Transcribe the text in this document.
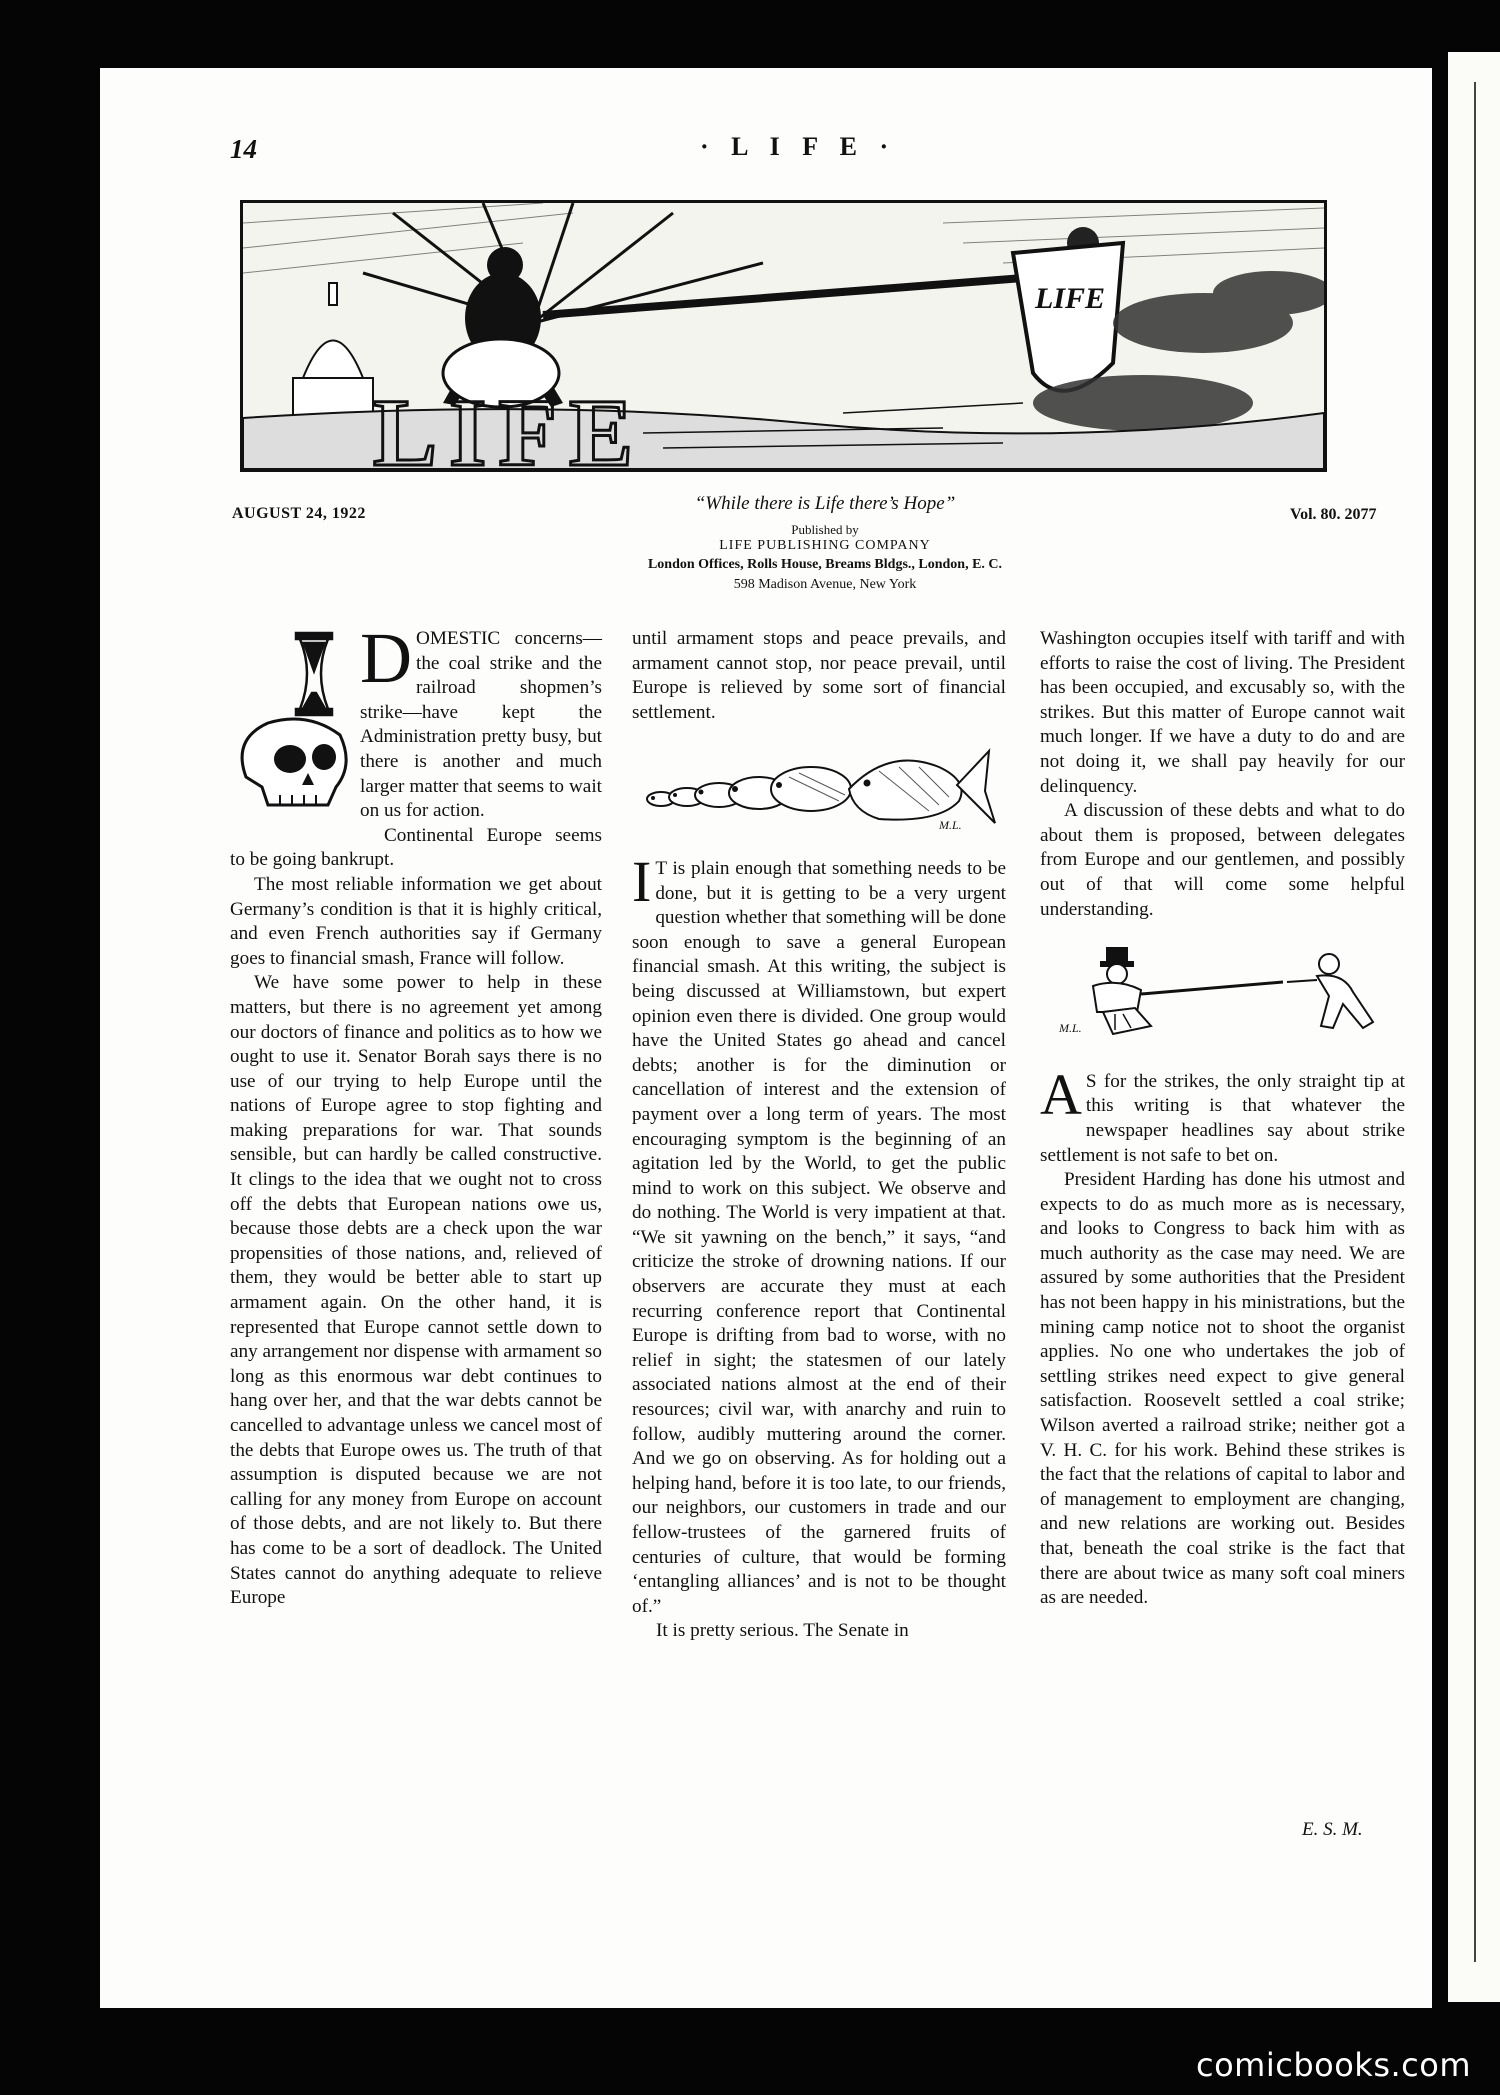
14	· L I F E ·
LIFE
LIFE
AUGUST 24, 1922	Vol. 80. 2077
“While there is Life there’s Hope”
Published by
LIFE PUBLISHING COMPANY
London Offices, Rolls House, Breams Bldgs., London, E. C.
598 Madison Avenue, New York
D OMESTIC concerns—the coal strike and the railroad shopmen’s strike—have kept the Administration pretty busy, but there is another and much larger matter that seems to wait on us for action.

Continental Europe seems to be going bankrupt.

The most reliable information we get about Germany’s condition is that it is highly critical, and even French authorities say if Germany goes to financial smash, France will follow.

We have some power to help in these matters, but there is no agreement yet among our doctors of finance and politics as to how we ought to use it. Senator Borah says there is no use of our trying to help Europe until the nations of Europe agree to stop fighting and making preparations for war. That sounds sensible, but can hardly be called constructive. It clings to the idea that we ought not to cross off the debts that European nations owe us, because those debts are a check upon the war propensities of those nations, and, relieved of them, they would be better able to start up armament again. On the other hand, it is represented that Europe cannot settle down to any arrangement nor dispense with armament so long as this enormous war debt continues to hang over her, and that the war debts cannot be cancelled to advantage unless we cancel most of the debts that Europe owes us. The truth of that assumption is disputed because we are not calling for any money from Europe on account of those debts, and are not likely to. But there has come to be a sort of deadlock. The United States cannot do anything adequate to relieve Europe

until armament stops and peace prevails, and armament cannot stop, nor peace prevail, until Europe is relieved by some sort of financial settlement.

M.L.
I T is plain enough that something needs to be done, but it is getting to be a very urgent question whether that something will be done soon enough to save a general European financial smash. At this writing, the subject is being discussed at Williamstown, but expert opinion even there is divided. One group would have the United States go ahead and cancel debts; another is for the diminution or cancellation of interest and the extension of payment over a long term of years. The most encouraging symptom is the beginning of an agitation led by the World, to get the public mind to work on this subject. We observe and do nothing. The World is very impatient at that. “We sit yawning on the bench,” it says, “and criticize the stroke of drowning nations. If our observers are accurate they must at each recurring conference report that Continental Europe is drifting from bad to worse, with no relief in sight; the statesmen of our lately associated nations almost at the end of their resources; civil war, with anarchy and ruin to follow, audibly muttering around the corner. And we go on observing. As for holding out a helping hand, before it is too late, to our friends, our neighbors, our customers in trade and our fellow-trustees of the garnered fruits of centuries of culture, that would be forming ‘entangling alliances’ and is not to be thought of.”

It is pretty serious. The Senate in

Washington occupies itself with tariff and with efforts to raise the cost of living. The President has been occupied, and excusably so, with the strikes. But this matter of Europe cannot wait much longer. If we have a duty to do and are not doing it, we shall pay heavily for our delinquency.

A discussion of these debts and what to do about them is proposed, between delegates from Europe and our gentlemen, and possibly out of that will come some helpful understanding.

M.L.
A S for the strikes, the only straight tip at this writing is that whatever the newspaper headlines say about strike settlement is not safe to bet on.

President Harding has done his utmost and expects to do as much more as is necessary, and looks to Congress to back him with as much authority as the case may need. We are assured by some authorities that the President has not been happy in his ministrations, but the mining camp notice not to shoot the organist applies. No one who undertakes the job of settling strikes need expect to give general satisfaction. Roosevelt settled a coal strike; Wilson averted a railroad strike; neither got a V. H. C. for his work. Behind these strikes is the fact that the relations of capital to labor and of management to employment are changing, and new relations are working out. Besides that, beneath the coal strike is the fact that there are about twice as many soft coal miners as are needed.

E. S. M.
comicbooks.com
